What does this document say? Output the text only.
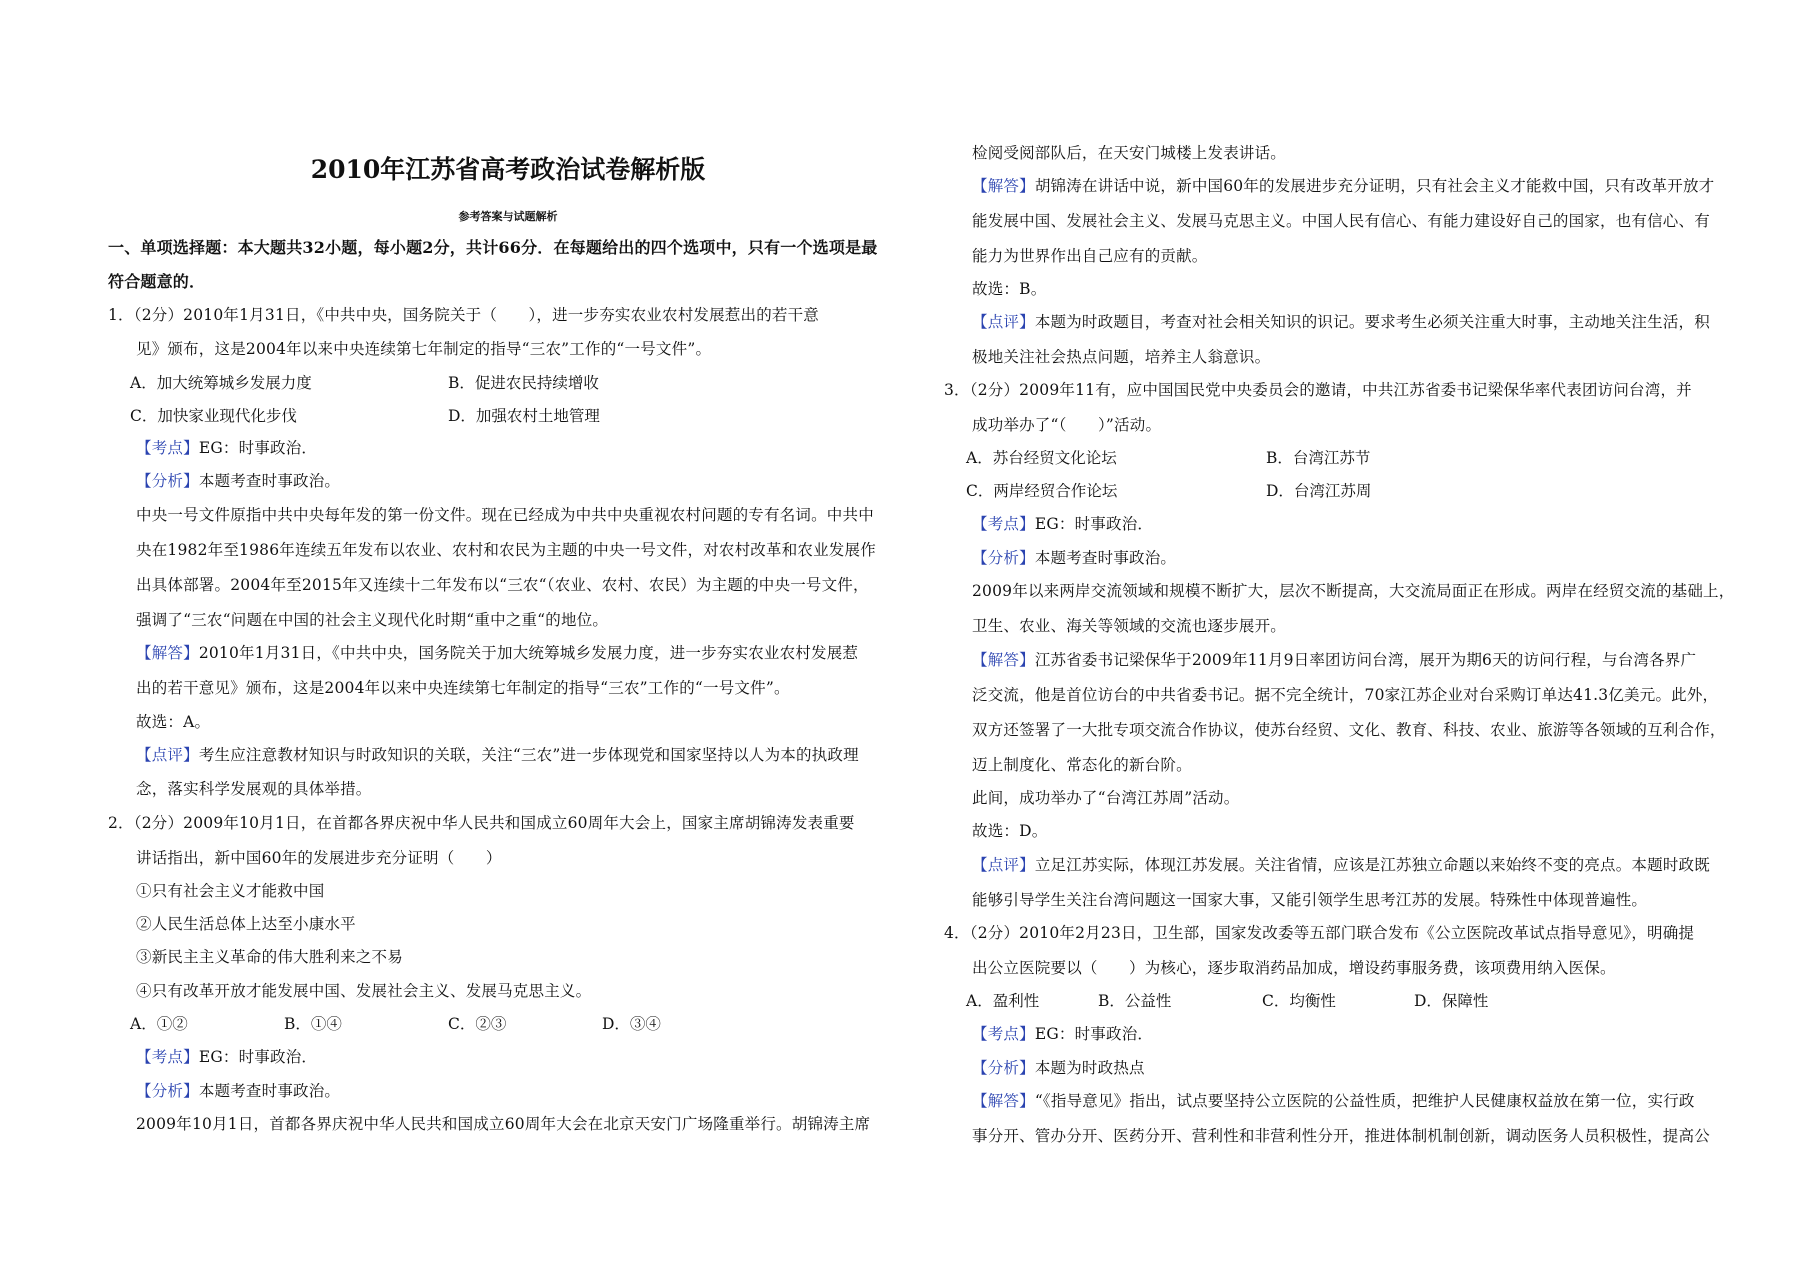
2010年江苏省高考政治试卷解析版
参考答案与试题解析
一、单项选择题：本大题共32小题，每小题2分，共计66分．在每题给出的四个选项中，只有一个选项是最
符合题意的．
1．（2分）2010年1月31日，《中共中央，国务院关于（　　），进一步夯实农业农村发展惹出的若干意
见》颁布，这是2004年以来中央连续第七年制定的指导“三农”工作的“一号文件”。
A．加大统筹城乡发展力度	B．促进农民持续增收
C．加快家业现代化步伐	D．加强农村土地管理
【考点】EG：时事政治．
【分析】本题考查时事政治。
中央一号文件原指中共中央每年发的第一份文件。现在已经成为中共中央重视农村问题的专有名词。中共中
央在1982年至1986年连续五年发布以农业、农村和农民为主题的中央一号文件，对农村改革和农业发展作
出具体部署。2004年至2015年又连续十二年发布以“三农“（农业、农村、农民）为主题的中央一号文件，
强调了“三农“问题在中国的社会主义现代化时期“重中之重“的地位。
【解答】2010年1月31日，《中共中央，国务院关于加大统筹城乡发展力度，进一步夯实农业农村发展惹
出的若干意见》颁布，这是2004年以来中央连续第七年制定的指导“三农”工作的“一号文件”。
故选：A。
【点评】考生应注意教材知识与时政知识的关联，关注“三农”进一步体现党和国家坚持以人为本的执政理
念，落实科学发展观的具体举措。
2．（2分）2009年10月1日，在首都各界庆祝中华人民共和国成立60周年大会上，国家主席胡锦涛发表重要
讲话指出，新中国60年的发展进步充分证明（　　）
①只有社会主义才能救中国
②人民生活总体上达至小康水平
③新民主主义革命的伟大胜利来之不易
④只有改革开放才能发展中国、发展社会主义、发展马克思主义。
A．①②	B．①④	C．②③	D．③④
【考点】EG：时事政治．
【分析】本题考查时事政治。
2009年10月1日，首都各界庆祝中华人民共和国成立60周年大会在北京天安门广场隆重举行。胡锦涛主席
检阅受阅部队后，在天安门城楼上发表讲话。
【解答】胡锦涛在讲话中说，新中国60年的发展进步充分证明，只有社会主义才能救中国，只有改革开放才
能发展中国、发展社会主义、发展马克思主义。中国人民有信心、有能力建设好自己的国家，也有信心、有
能力为世界作出自己应有的贡献。
故选：B。
【点评】本题为时政题目，考查对社会相关知识的识记。要求考生必须关注重大时事，主动地关注生活，积
极地关注社会热点问题，培养主人翁意识。
3．（2分）2009年11有，应中国国民党中央委员会的邀请，中共江苏省委书记梁保华率代表团访问台湾，并
成功举办了“（　　）”活动。
A．苏台经贸文化论坛	B．台湾江苏节
C．两岸经贸合作论坛	D．台湾江苏周
【考点】EG：时事政治．
【分析】本题考查时事政治。
2009年以来两岸交流领域和规模不断扩大，层次不断提高，大交流局面正在形成。两岸在经贸交流的基础上，
卫生、农业、海关等领域的交流也逐步展开。
【解答】江苏省委书记梁保华于2009年11月9日率团访问台湾，展开为期6天的访问行程，与台湾各界广
泛交流，他是首位访台的中共省委书记。据不完全统计，70家江苏企业对台采购订单达41.3亿美元。此外，
双方还签署了一大批专项交流合作协议，使苏台经贸、文化、教育、科技、农业、旅游等各领域的互利合作，
迈上制度化、常态化的新台阶。
此间，成功举办了“台湾江苏周”活动。
故选：D。
【点评】立足江苏实际，体现江苏发展。关注省情，应该是江苏独立命题以来始终不变的亮点。本题时政既
能够引导学生关注台湾问题这一国家大事，又能引领学生思考江苏的发展。特殊性中体现普遍性。
4．（2分）2010年2月23日，卫生部，国家发改委等五部门联合发布《公立医院改革试点指导意见》，明确提
出公立医院要以（　　）为核心，逐步取消药品加成，增设药事服务费，该项费用纳入医保。
A．盈利性	B．公益性	C．均衡性	D．保障性
【考点】EG：时事政治．
【分析】本题为时政热点
【解答】“《指导意见》指出，试点要坚持公立医院的公益性质，把维护人民健康权益放在第一位，实行政
事分开、管办分开、医药分开、营利性和非营利性分开，推进体制机制创新，调动医务人员积极性，提高公
